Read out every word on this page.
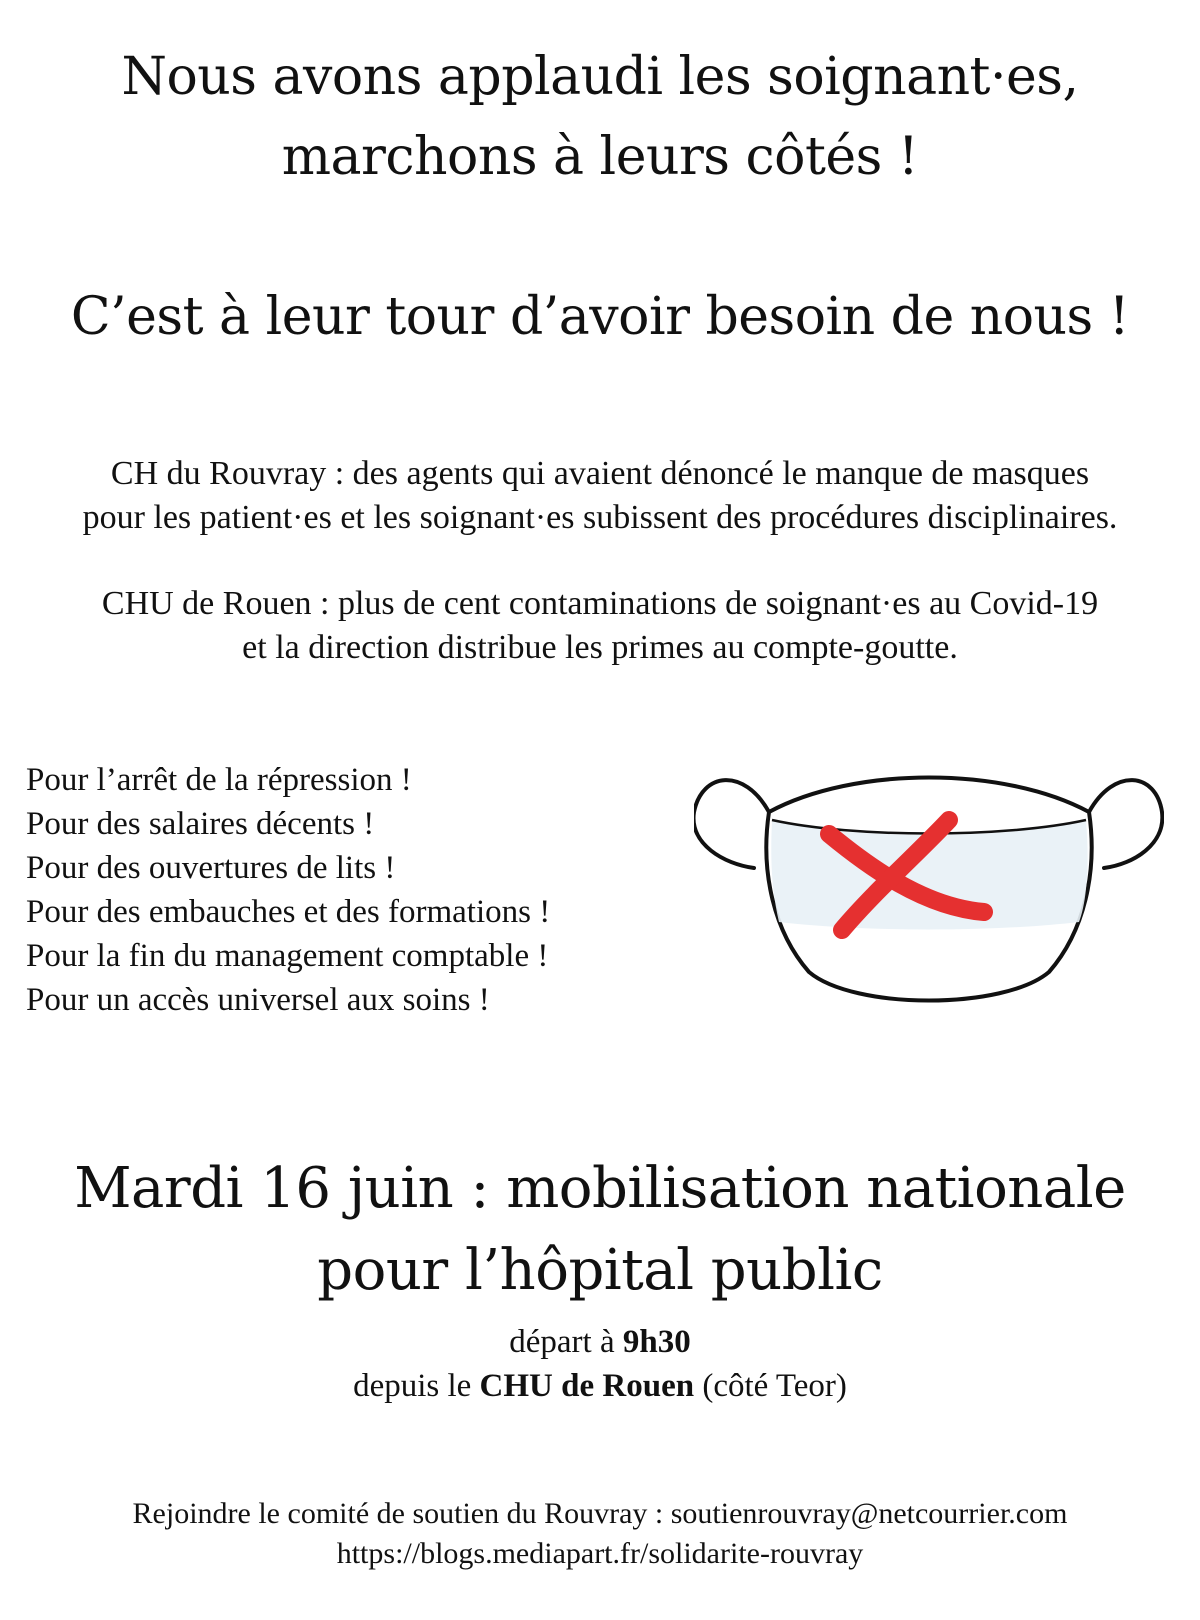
Nous avons applaudi les soignant·es,
marchons à leurs côtés !
C’est à leur tour d’avoir besoin de nous !
CH du Rouvray : des agents qui avaient dénoncé le manque de masques
pour les patient·es et les soignant·es subissent des procédures disciplinaires.
CHU de Rouen : plus de cent contaminations de soignant·es au Covid-19
et la direction distribue les primes au compte-goutte.
Pour l’arrêt de la répression !
Pour des salaires décents !
Pour des ouvertures de lits !
Pour des embauches et des formations !
Pour la fin du management comptable !
Pour un accès universel aux soins !
Mardi 16 juin : mobilisation nationale
pour l’hôpital public
départ à 9h30
depuis le CHU de Rouen (côté Teor)
Rejoindre le comité de soutien du Rouvray : soutienrouvray@netcourrier.com
https://blogs.mediapart.fr/solidarite-rouvray
